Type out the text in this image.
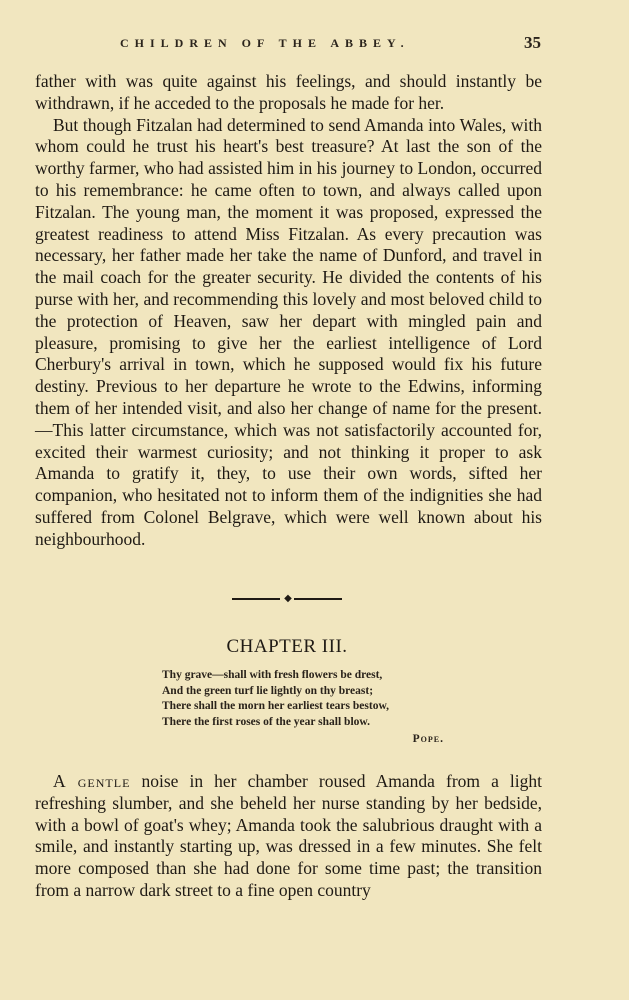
CHILDREN OF THE ABBEY.	35

father with was quite against his feelings, and should instantly be withdrawn, if he acceded to the proposals he made for her.

But though Fitzalan had determined to send Amanda into Wales, with whom could he trust his heart's best treasure? At last the son of the worthy farmer, who had assisted him in his journey to London, occurred to his remembrance: he came often to town, and always called upon Fitzalan. The young man, the moment it was proposed, expressed the greatest readiness to attend Miss Fitzalan. As every precaution was necessary, her father made her take the name of Dunford, and travel in the mail coach for the greater security. He divided the contents of his purse with her, and recommending this lovely and most beloved child to the protection of Heaven, saw her depart with mingled pain and pleasure, promising to give her the earliest intelligence of Lord Cherbury's arrival in town, which he supposed would fix his future destiny. Previous to her departure he wrote to the Edwins, informing them of her intended visit, and also her change of name for the present.—This latter circumstance, which was not satisfactorily accounted for, excited their warmest curiosity; and not thinking it proper to ask Amanda to gratify it, they, to use their own words, sifted her companion, who hesitated not to inform them of the indignities she had suffered from Colonel Belgrave, which were well known about his neighbourhood.

◆
CHAPTER III.
Thy grave—shall with fresh flowers be drest,
And the green turf lie lightly on thy breast;
There shall the morn her earliest tears bestow,
There the first roses of the year shall blow.
Pope.

A gentle noise in her chamber roused Amanda from a light refreshing slumber, and she beheld her nurse standing by her bedside, with a bowl of goat's whey; Amanda took the salubrious draught with a smile, and instantly starting up, was dressed in a few minutes. She felt more composed than she had done for some time past; the transition from a narrow dark street to a fine open country
